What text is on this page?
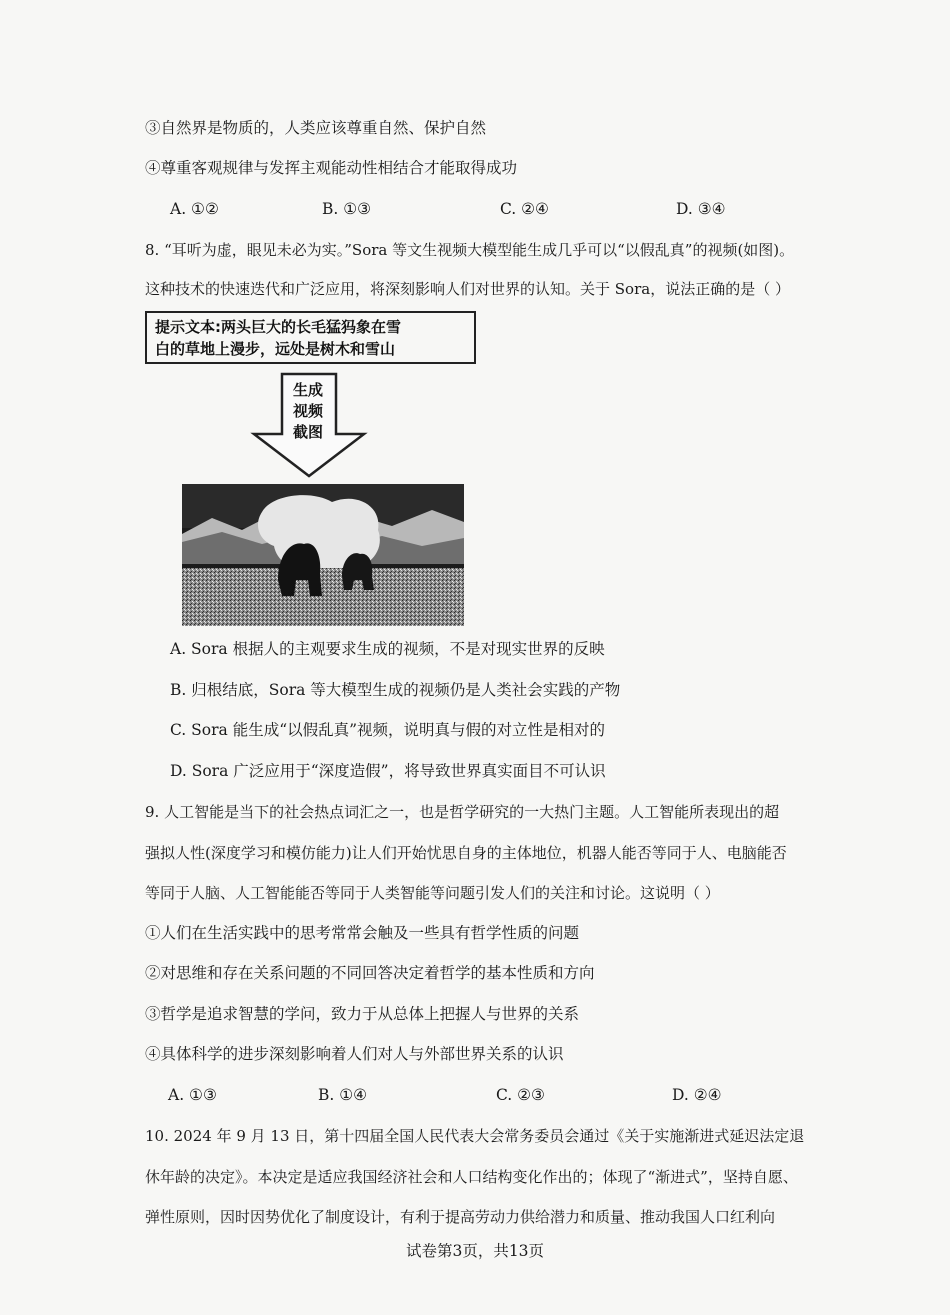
③自然界是物质的，人类应该尊重自然、保护自然
④尊重客观规律与发挥主观能动性相结合才能取得成功
A. ①②	B. ①③	C. ②④	D. ③④
8. “耳听为虚，眼见未必为实。”Sora 等文生视频大模型能生成几乎可以“以假乱真”的视频(如图)。
这种技术的快速迭代和广泛应用，将深刻影响人们对世界的认知。关于 Sora，说法正确的是（ ）
提示文本:两头巨大的长毛猛犸象在雪
白的草地上漫步，远处是树木和雪山
生成视频截图
A. Sora 根据人的主观要求生成的视频，不是对现实世界的反映
B. 归根结底，Sora 等大模型生成的视频仍是人类社会实践的产物
C. Sora 能生成“以假乱真”视频，说明真与假的对立性是相对的
D. Sora 广泛应用于“深度造假”，将导致世界真实面目不可认识
9. 人工智能是当下的社会热点词汇之一，也是哲学研究的一大热门主题。人工智能所表现出的超
强拟人性(深度学习和模仿能力)让人们开始忧思自身的主体地位，机器人能否等同于人、电脑能否
等同于人脑、人工智能能否等同于人类智能等问题引发人们的关注和讨论。这说明（ ）
①人们在生活实践中的思考常常会触及一些具有哲学性质的问题
②对思维和存在关系问题的不同回答决定着哲学的基本性质和方向
③哲学是追求智慧的学问，致力于从总体上把握人与世界的关系
④具体科学的进步深刻影响着人们对人与外部世界关系的认识
A. ①③	B. ①④	C. ②③	D. ②④
10. 2024 年 9 月 13 日，第十四届全国人民代表大会常务委员会通过《关于实施渐进式延迟法定退
休年龄的决定》。本决定是适应我国经济社会和人口结构变化作出的；体现了“渐进式”，坚持自愿、
弹性原则，因时因势优化了制度设计，有利于提高劳动力供给潜力和质量、推动我国人口红利向
试卷第3页，共13页
